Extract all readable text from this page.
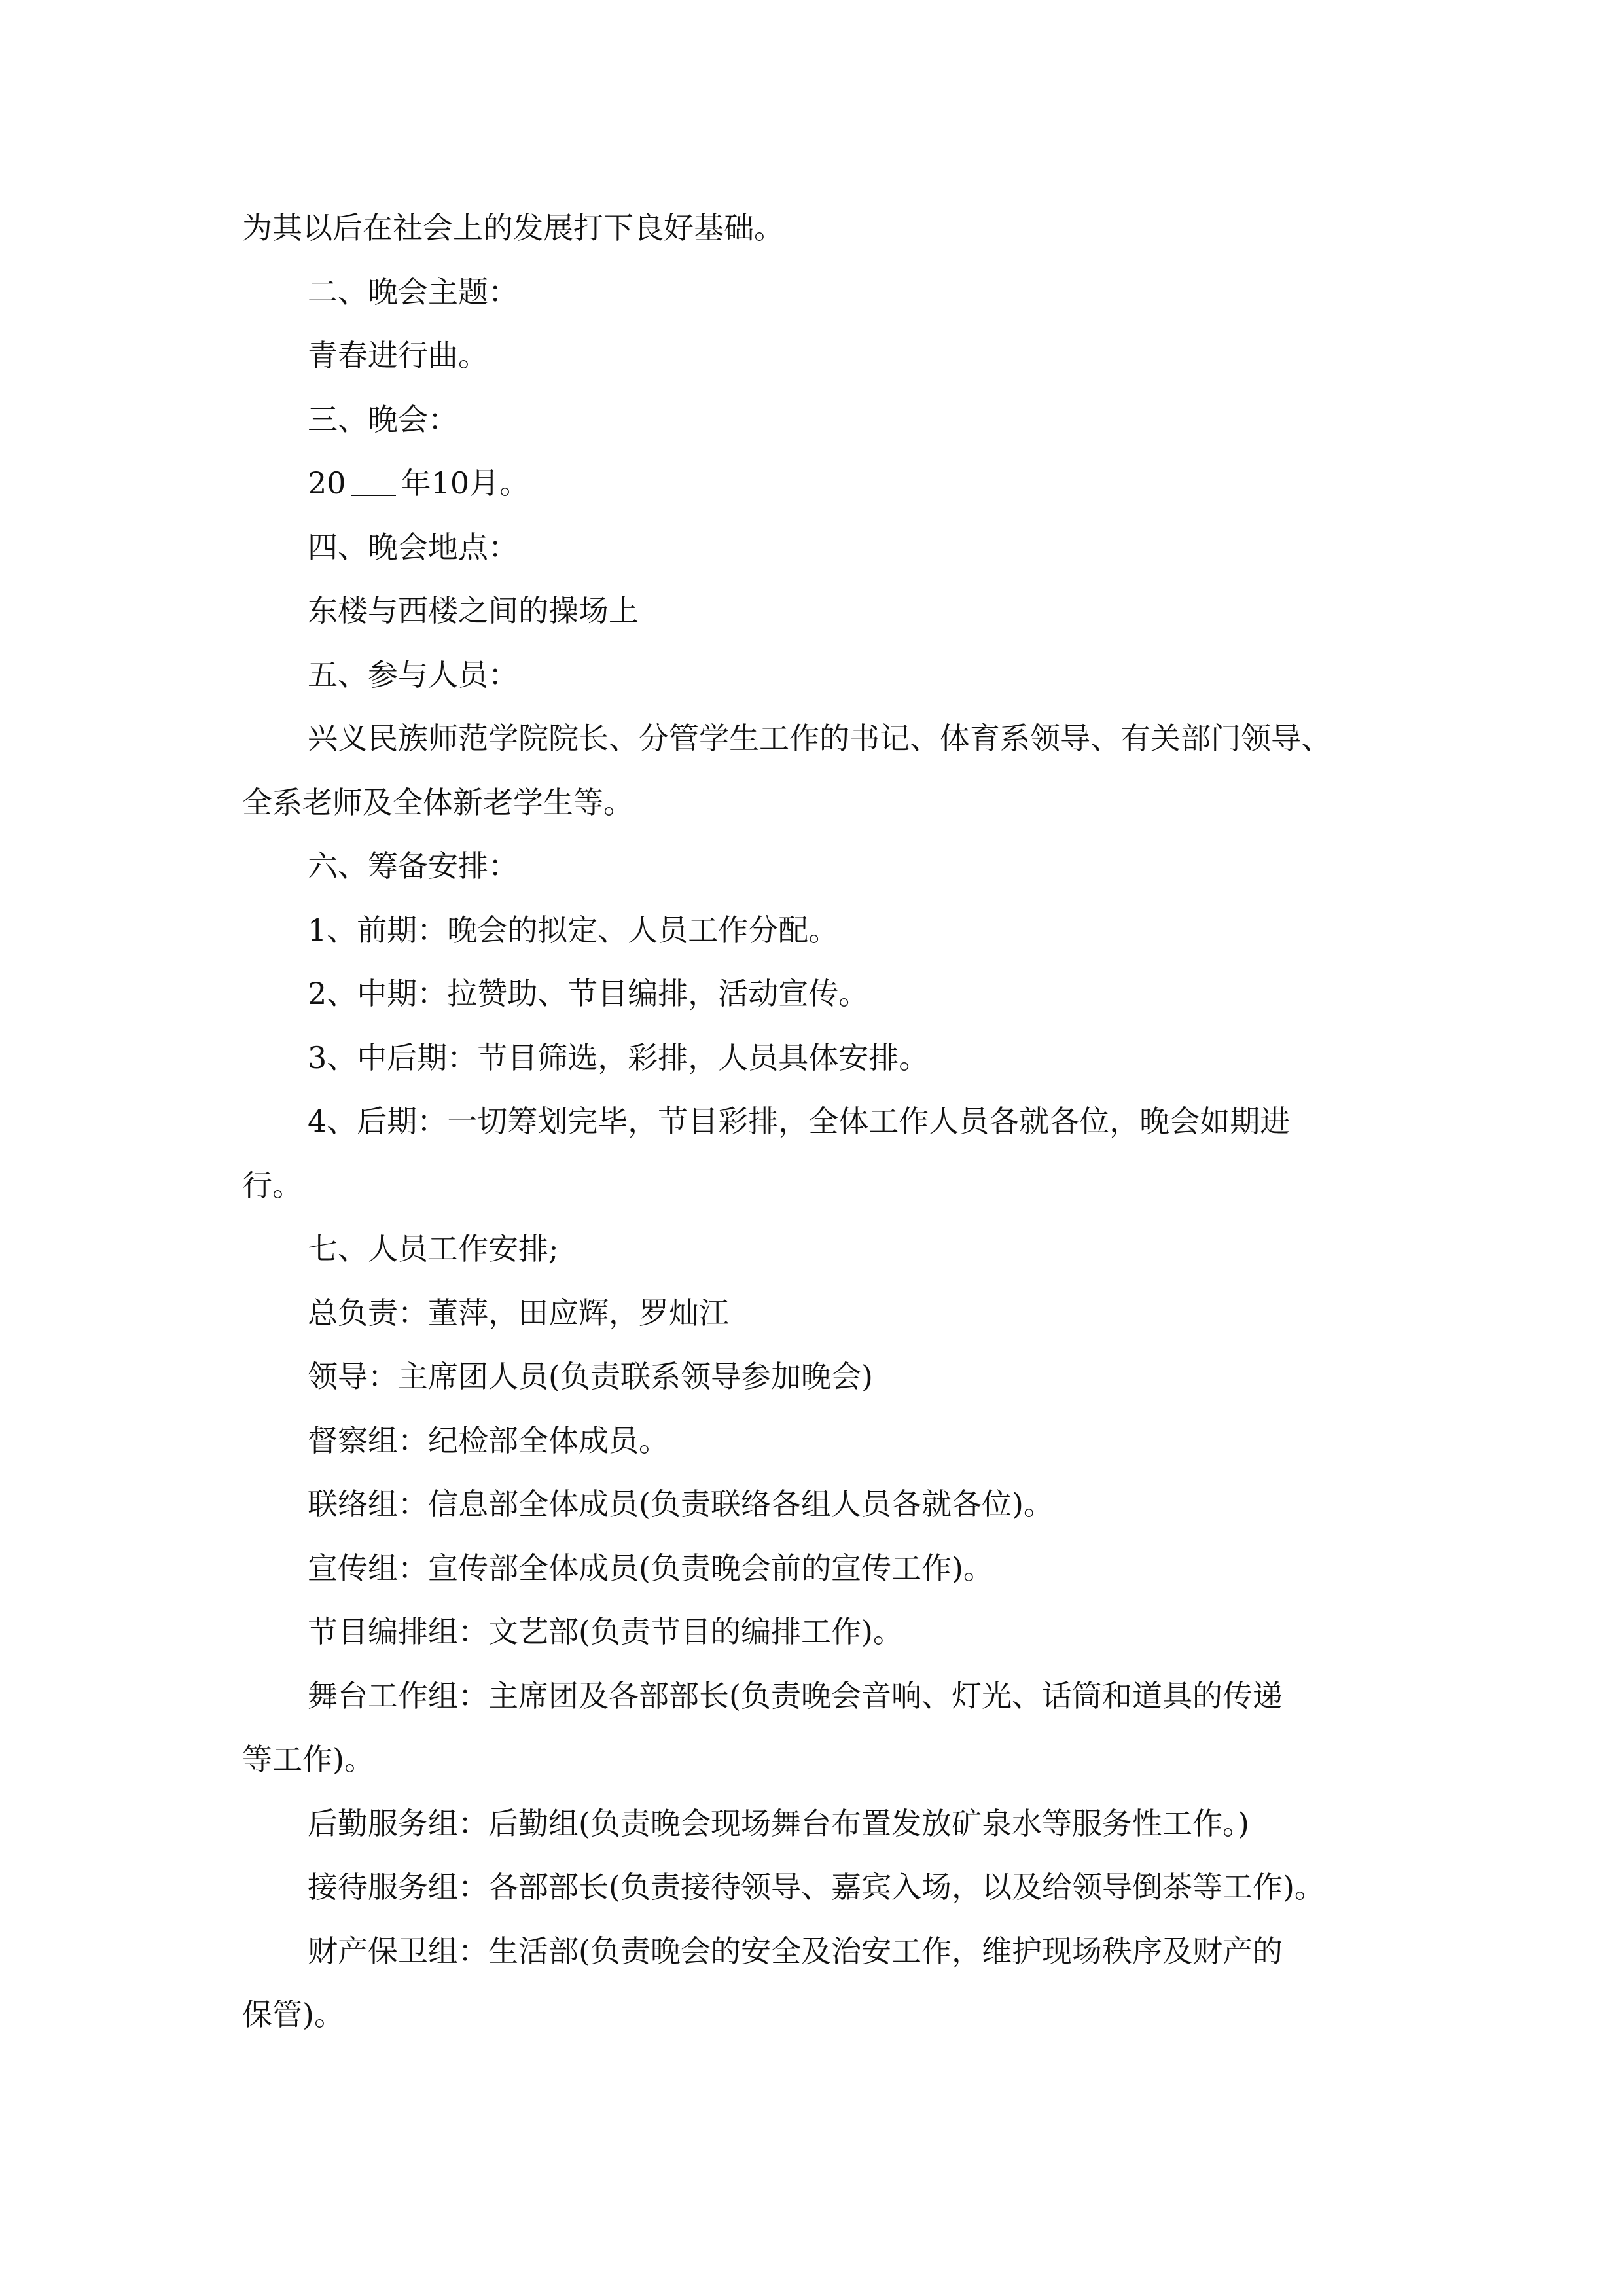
为其以后在社会上的发展打下良好基础。
二、晚会主题：
青春进行曲。
三、晚会：
20 年10月。
四、晚会地点：
东楼与西楼之间的操场上
五、参与人员：
兴义民族师范学院院长、分管学生工作的书记、体育系领导、有关部门领导、
全系老师及全体新老学生等。
六、筹备安排：
1、前期：晚会的拟定、人员工作分配。
2、中期：拉赞助、节目编排，活动宣传。
3、中后期：节目筛选，彩排，人员具体安排。
4、后期：一切筹划完毕，节目彩排，全体工作人员各就各位，晚会如期进
行。
七、人员工作安排;
总负责：董萍，田应辉，罗灿江
领导：主席团人员(负责联系领导参加晚会)
督察组：纪检部全体成员。
联络组：信息部全体成员(负责联络各组人员各就各位)。
宣传组：宣传部全体成员(负责晚会前的宣传工作)。
节目编排组：文艺部(负责节目的编排工作)。
舞台工作组：主席团及各部部长(负责晚会音响、灯光、话筒和道具的传递
等工作)。
后勤服务组：后勤组(负责晚会现场舞台布置发放矿泉水等服务性工作。)
接待服务组：各部部长(负责接待领导、嘉宾入场，以及给领导倒茶等工作)。
财产保卫组：生活部(负责晚会的安全及治安工作，维护现场秩序及财产的
保管)。
